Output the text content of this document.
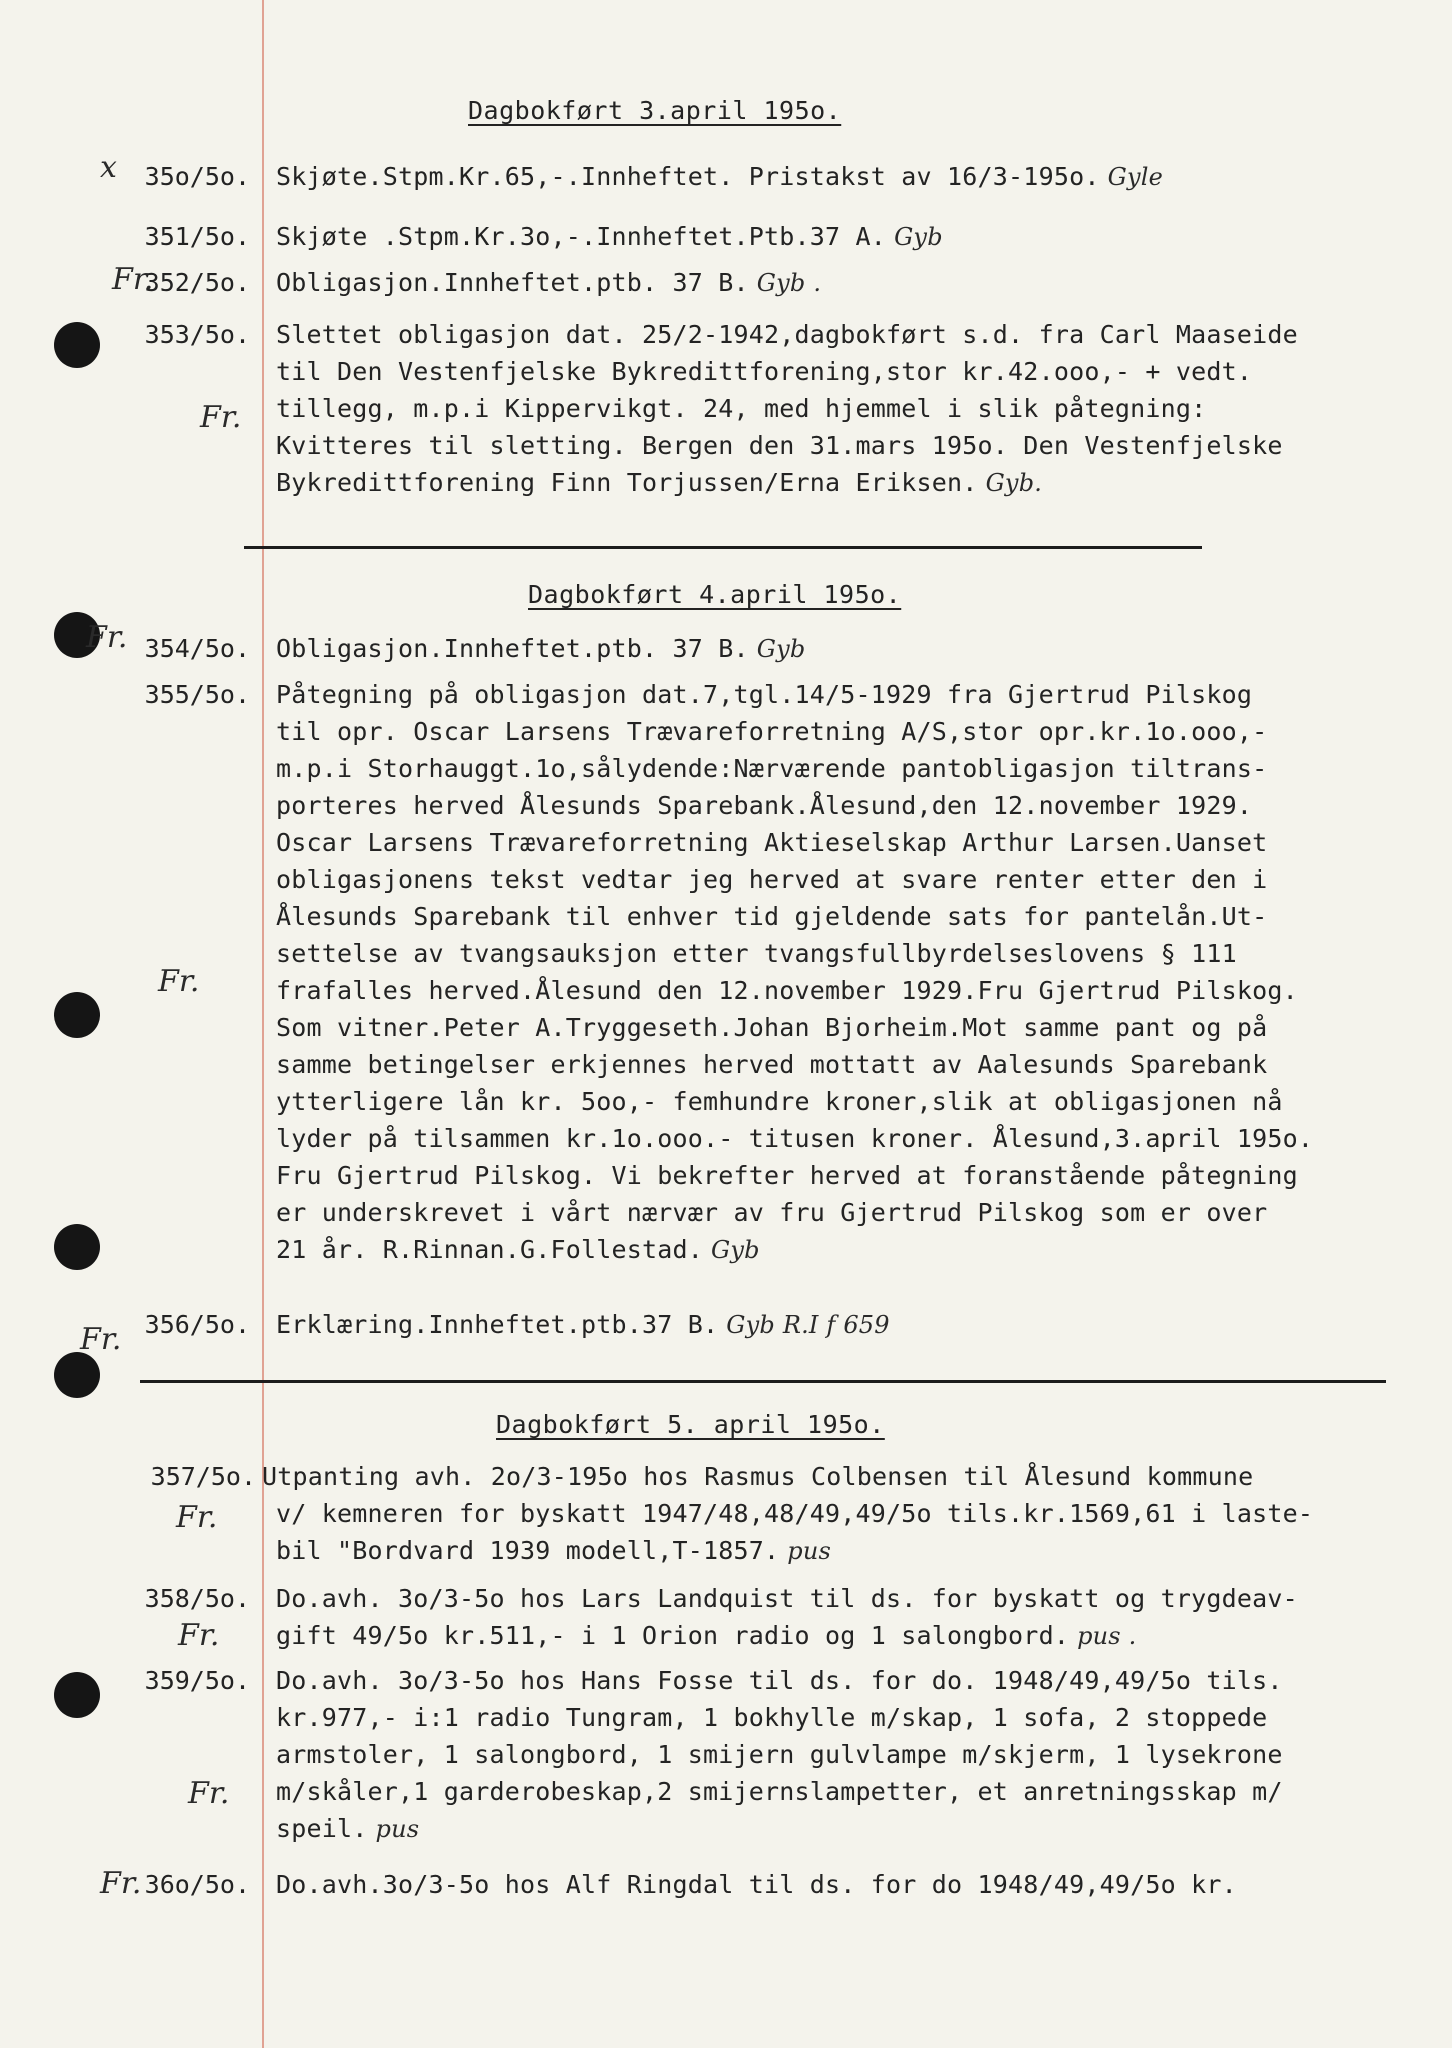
Dagbokført 3.april 195o.
x	35o/5o. Skjøte.Stpm.Kr.65,-.Innheftet. Pristakst av 16/3-195o. Gyle
351/5o. Skjøte .Stpm.Kr.3o,-.Innheftet.Ptb.37 A. Gyb
Fr.
352/5o. Obligasjon.Innheftet.ptb. 37 B. Gyb .
Fr.
353/5o. Slettet obligasjon dat. 25/2-1942,dagbokført s.d. fra Carl Maaseide
til Den Vestenfjelske Bykredittforening,stor kr.42.ooo,- + vedt.
tillegg, m.p.i Kippervikgt. 24, med hjemmel i slik påtegning:
Kvitteres til sletting. Bergen den 31.mars 195o. Den Vestenfjelske
Bykredittforening Finn Torjussen/Erna Eriksen. Gyb.
Dagbokført 4.april 195o.
Fr. 354/5o. Obligasjon.Innheftet.ptb. 37 B. Gyb
Fr.
355/5o. Påtegning på obligasjon dat.7,tgl.14/5-1929 fra Gjertrud Pilskog
til opr. Oscar Larsens Trævareforretning A/S,stor opr.kr.1o.ooo,-
m.p.i Storhauggt.1o,sålydende:Nærværende pantobligasjon tiltrans-
porteres herved Ålesunds Sparebank.Ålesund,den 12.november 1929.
Oscar Larsens Trævareforretning Aktieselskap Arthur Larsen.Uanset
obligasjonens tekst vedtar jeg herved at svare renter etter den i
Ålesunds Sparebank til enhver tid gjeldende sats for pantelån.Ut-
settelse av tvangsauksjon etter tvangsfullbyrdelseslovens § 111
frafalles herved.Ålesund den 12.november 1929.Fru Gjertrud Pilskog.
Som vitner.Peter A.Tryggeseth.Johan Bjorheim.Mot samme pant og på
samme betingelser erkjennes herved mottatt av Aalesunds Sparebank
ytterligere lån kr. 5oo,- femhundre kroner,slik at obligasjonen nå
lyder på tilsammen kr.1o.ooo.- titusen kroner. Ålesund,3.april 195o.
Fru Gjertrud Pilskog. Vi bekrefter herved at foranstående påtegning
er underskrevet i vårt nærvær av fru Gjertrud Pilskog som er over
21 år. R.Rinnan.G.Follestad. Gyb
Fr. 356/5o. Erklæring.Innheftet.ptb.37 B. Gyb R.I f 659
Dagbokført 5. april 195o.
Fr.
357/5o. Utpanting avh. 2o/3-195o hos Rasmus Colbensen til Ålesund kommune
v/ kemneren for byskatt 1947/48,48/49,49/5o tils.kr.1569,61 i laste-
bil "Bordvard 1939 modell,T-1857. pus
Fr.
358/5o. Do.avh. 3o/3-5o hos Lars Landquist til ds. for byskatt og trygdeav-
gift 49/5o kr.511,- i 1 Orion radio og 1 salongbord. pus .
Fr.
359/5o. Do.avh. 3o/3-5o hos Hans Fosse til ds. for do. 1948/49,49/5o tils.
kr.977,- i:1 radio Tungram, 1 bokhylle m/skap, 1 sofa, 2 stoppede
armstoler, 1 salongbord, 1 smijern gulvlampe m/skjerm, 1 lysekrone
m/skåler,1 garderobeskap,2 smijernslampetter, et anretningsskap m/
speil. pus
Fr. 36o/5o. Do.avh.3o/3-5o hos Alf Ringdal til ds. for do 1948/49,49/5o kr.
